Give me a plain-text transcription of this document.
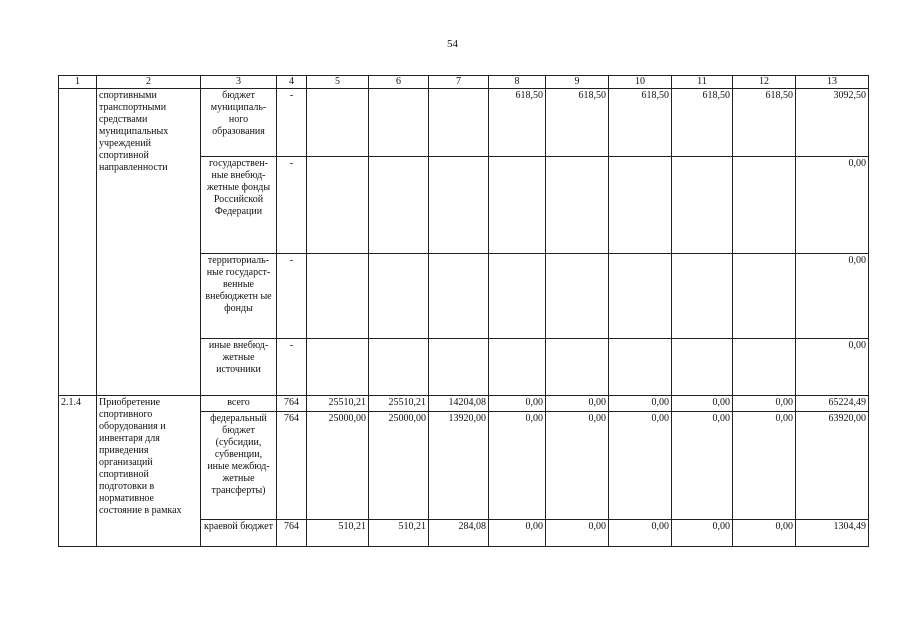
54
1	2	3	4	5	6	7	8	9	10	11	12	13
	спортивными транспортными средствами муниципальных учреждений спортивной направленности	бюджет муниципаль-ного образования	-				618,50	618,50	618,50	618,50	618,50	3092,50
		государствен-ные внебюд-жетные фонды Российской Федерации	-									0,00
		территориаль-ные государст-венные внебюджетн ые фонды	-									0,00
		иные внебюд-жетные источники	-									0,00
2.1.4	Приобретение спортивного оборудования и инвентаря для приведения организаций спортивной подготовки в нормативное состояние в рамках	всего	764	25510,21	25510,21	14204,08	0,00	0,00	0,00	0,00	0,00	65224,49
		федеральный бюджет (субсидии, субвенции, иные межбюд-жетные трансферты)	764	25000,00	25000,00	13920,00	0,00	0,00	0,00	0,00	0,00	63920,00
		краевой бюджет	764	510,21	510,21	284,08	0,00	0,00	0,00	0,00	0,00	1304,49
